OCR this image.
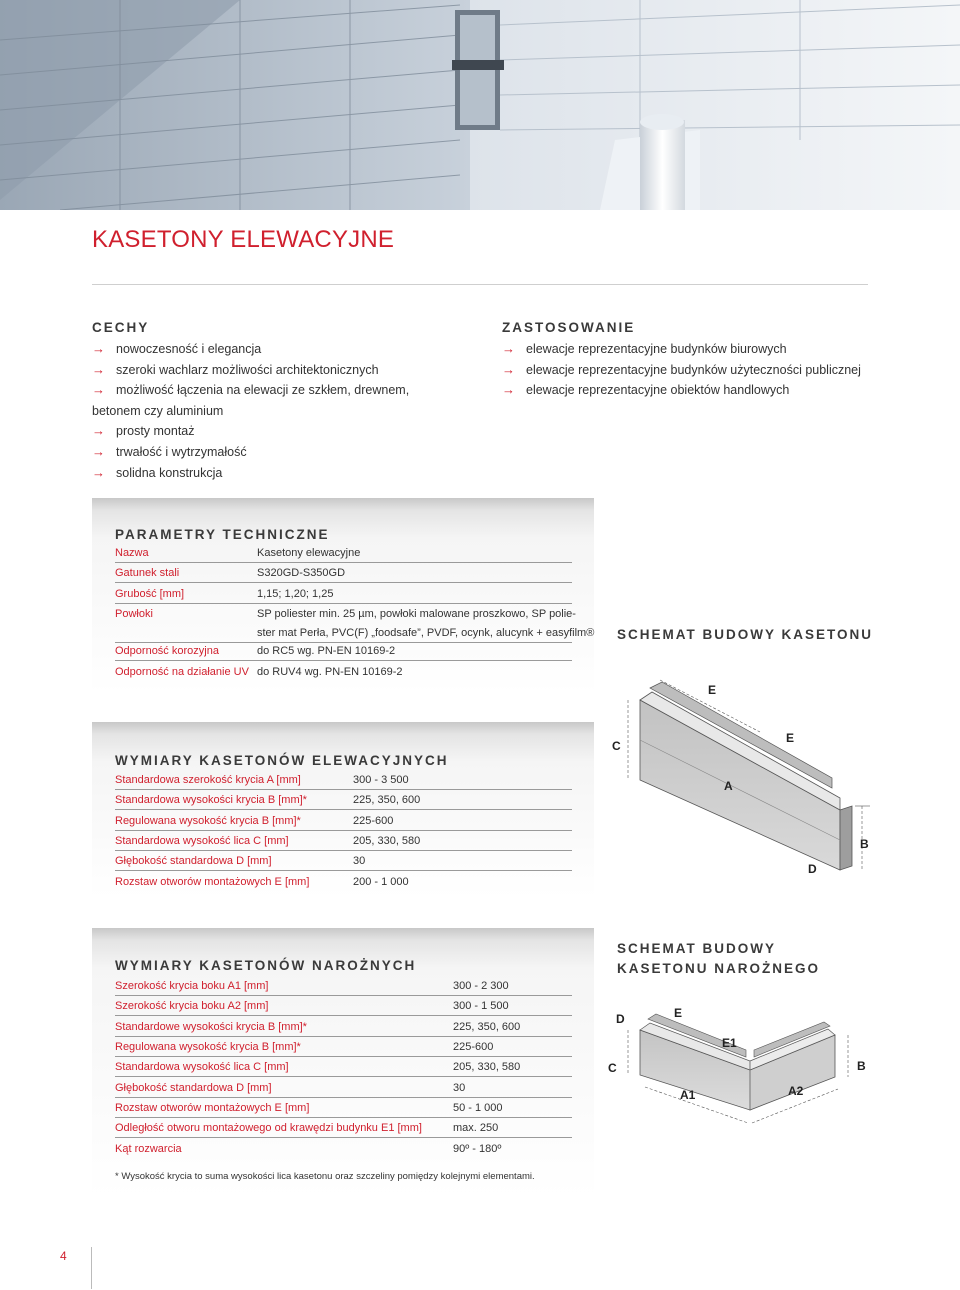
KASETONY ELEWACYJNE
CECHY
→ nowoczesność i elegancja
→ szeroki wachlarz możliwości architektonicznych
→ możliwość łączenia na elewacji ze szkłem, drewnem,
betonem czy aluminium
→ prosty montaż
→ trwałość i wytrzymałość
→ solidna konstrukcja
ZASTOSOWANIE
→ elewacje reprezentacyjne budynków biurowych
→ elewacje reprezentacyjne budynków użyteczności publicznej
→ elewacje reprezentacyjne obiektów handlowych
PARAMETRY TECHNICZNE
Nazwa	Kasetony elewacyjne
Gatunek stali	S320GD-S350GD
Grubość [mm]	1,15; 1,20; 1,25
Powłoki	SP poliester min. 25 µm, powłoki malowane proszkowo, SP polie-
ster mat Perła, PVC(F) „foodsafe”, PVDF, ocynk, alucynk + easyfilm®
Odporność korozyjna	do RC5 wg. PN-EN 10169-2
Odporność na działanie UV do RUV4 wg. PN-EN 10169-2
WYMIARY KASETONÓW ELEWACYJNYCH
Standardowa szerokość krycia A [mm]	300 - 3 500
Standardowa wysokości krycia B [mm]*	225, 350, 600
Regulowana wysokość krycia B [mm]*	225-600
Standardowa wysokość lica C [mm]	205, 330, 580
Głębokość standardowa D [mm]	30
Rozstaw otworów montażowych E [mm]	200 - 1 000
WYMIARY KASETONÓW NAROŻNYCH
Szerokość krycia boku A1 [mm]	300 - 2 300
Szerokość krycia boku A2 [mm]	300 - 1 500
Standardowe wysokości krycia B [mm]*	225, 350, 600
Regulowana wysokość krycia B [mm]*	225-600
Standardowa wysokość lica C [mm]	205, 330, 580
Głębokość standardowa D [mm]	30
Rozstaw otworów montażowych E [mm]	50 - 1 000
Odległość otworu montażowego od krawędzi budynku E1 [mm]	max. 250
Kąt rozwarcia	90º - 180º
* Wysokość krycia to suma wysokości lica kasetonu oraz szczeliny pomiędzy kolejnymi elementami.
SCHEMAT BUDOWY KASETONU
E
E
C
A
D
B
SCHEMAT BUDOWY
KASETONU NAROŻNEGO
D	E
E1
C
A1	A2
B
4
